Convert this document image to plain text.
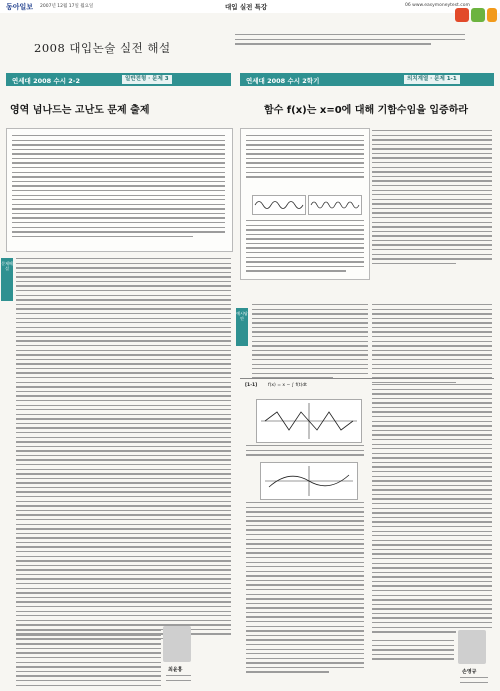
동아일보 2007년 12월 17일 월요일	대입 실전 특강	06 www.easymoneytest.com
2008 대입논술 실전 해설
연세대 2008 수시 2-2	일반전형 · 문제 3	연세대 2008 수시 2학기	의치계열 · 문제 1-1
영역 넘나드는 고난도 문제 출제	함수 f(x)는 x=0에 대해 기함수임을 입증하라
문제해설
최윤홍
예시답안
[1-1] f(x) = x − ∫ f(t)dt
손영규
